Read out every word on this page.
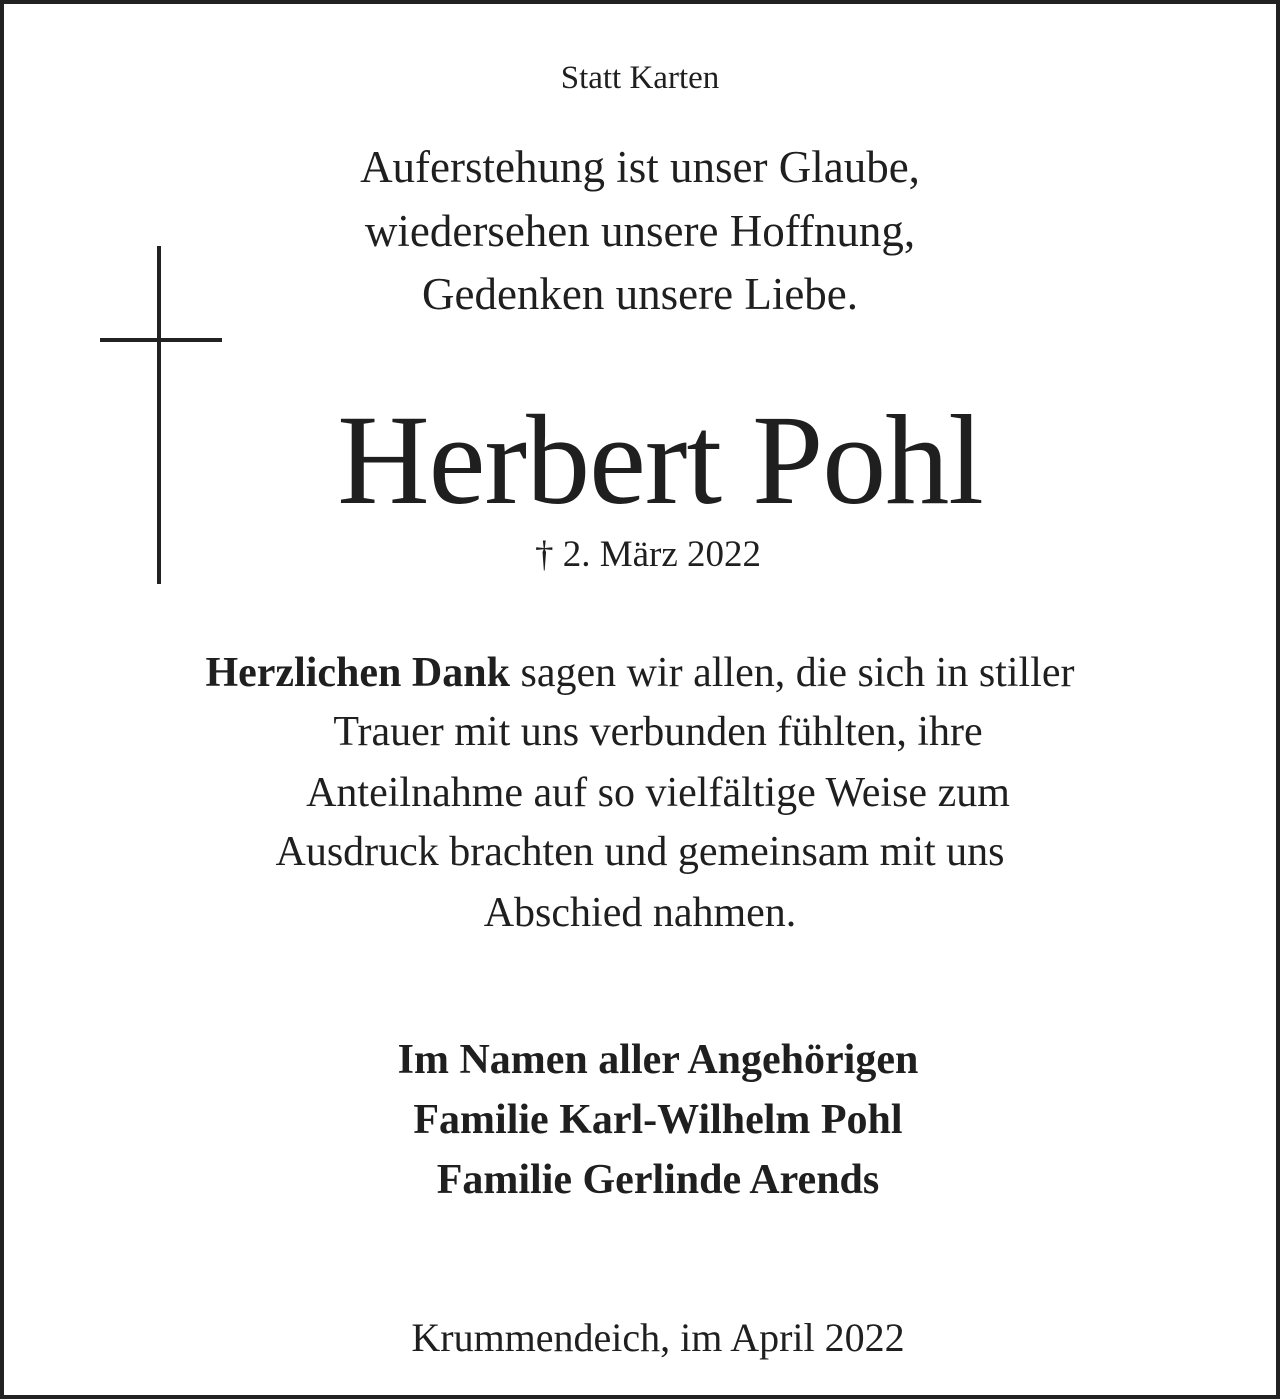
Statt Karten
Auferstehung ist unser Glaube,
wiedersehen unsere Hoffnung,
Gedenken unsere Liebe.
Herbert Pohl
† 2. März 2022
Herzlichen Dank sagen wir allen, die sich in stiller
Trauer mit uns verbunden fühlten, ihre
Anteilnahme auf so vielfältige Weise zum
Ausdruck brachten und gemeinsam mit uns
Abschied nahmen.
Im Namen aller Angehörigen
Familie Karl-Wilhelm Pohl
Familie Gerlinde Arends
Krummendeich, im April 2022
